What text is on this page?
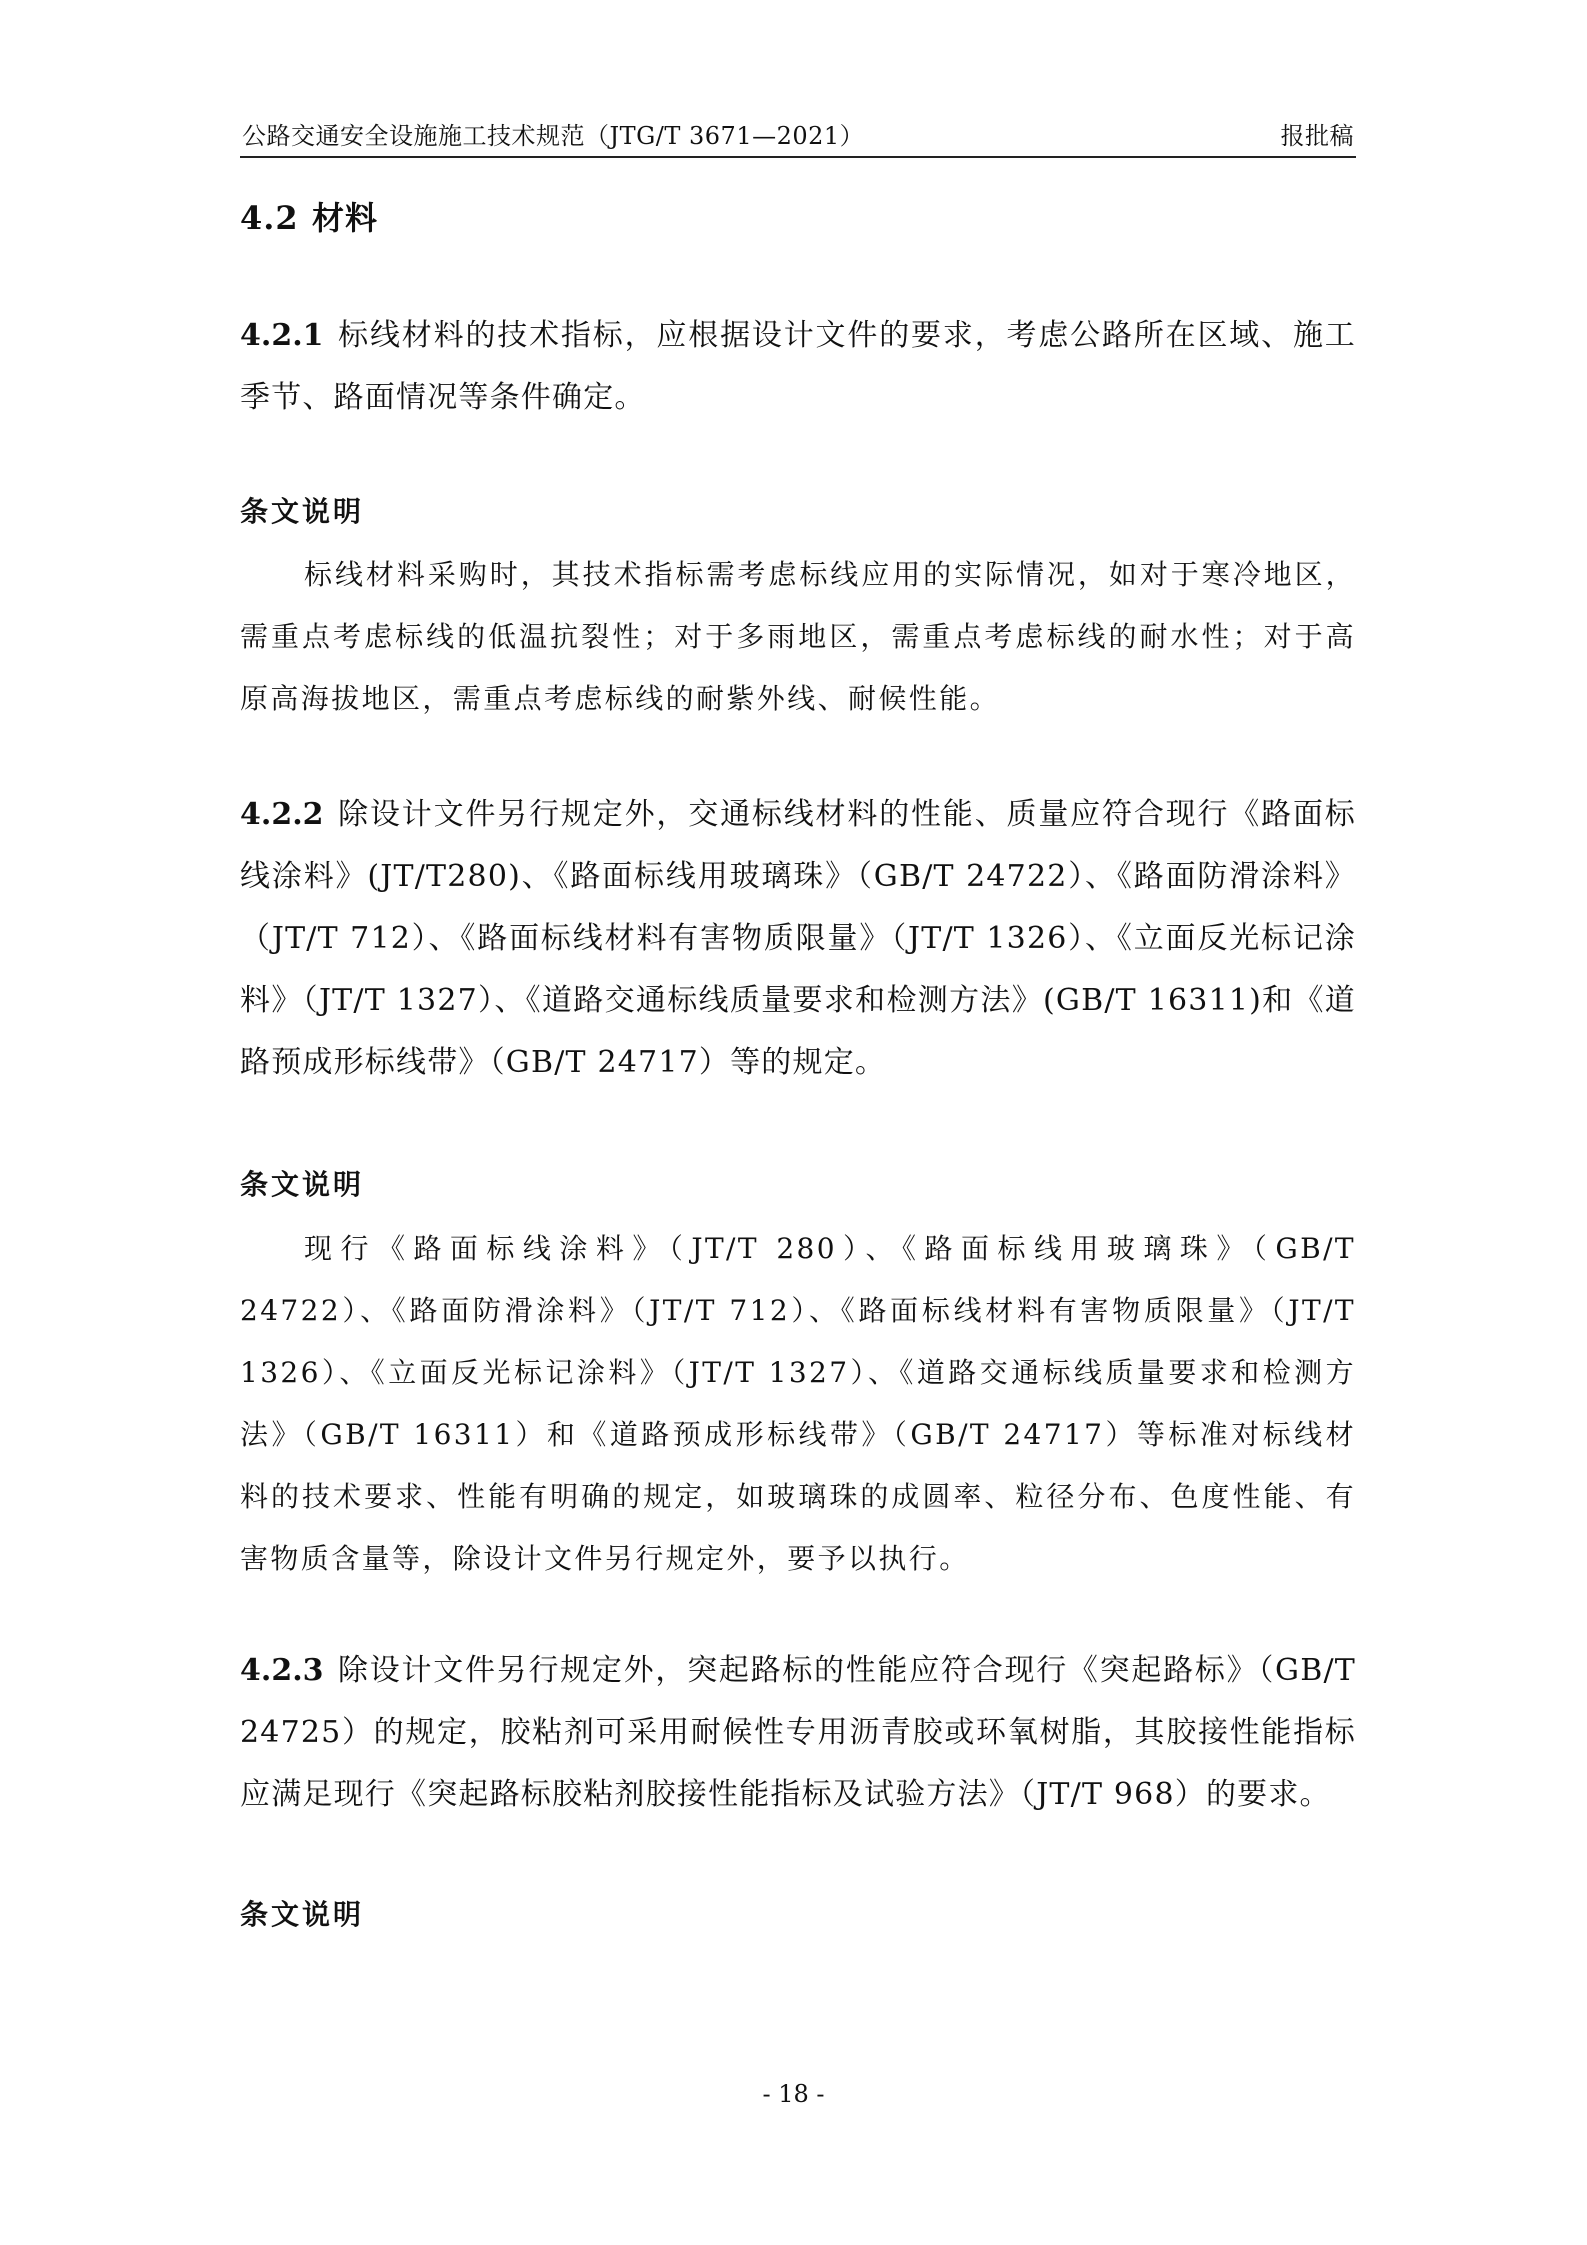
公路交通安全设施施工技术规范（JTG/T 3671—2021）	报批稿
4.2 材料
4.2.1 标线材料的技术指标，应根据设计文件的要求，考虑公路所在区域、施工季节、路面情况等条件确定。
条文说明
标线材料采购时，其技术指标需考虑标线应用的实际情况，如对于寒冷地区，需重点考虑标线的低温抗裂性；对于多雨地区，需重点考虑标线的耐水性；对于高原高海拔地区，需重点考虑标线的耐紫外线、耐候性能。
4.2.2 除设计文件另行规定外，交通标线材料的性能、质量应符合现行《路面标线涂料》(JT/T280)、《路面标线用玻璃珠》（GB/T 24722）、《路面防滑涂料》（JT/T 712）、《路面标线材料有害物质限量》（JT/T 1326）、《立面反光标记涂料》（JT/T 1327）、《道路交通标线质量要求和检测方法》(GB/T 16311)和《道路预成形标线带》（GB/T 24717）等的规定。
条文说明
现行《路面标线涂料》（JT/T 280）、《路面标线用玻璃珠》（GB/T 24722）、《路面防滑涂料》（JT/T 712）、《路面标线材料有害物质限量》（JT/T 1326）、《立面反光标记涂料》（JT/T 1327）、《道路交通标线质量要求和检测方法》（GB/T 16311）和《道路预成形标线带》（GB/T 24717）等标准对标线材料的技术要求、性能有明确的规定，如玻璃珠的成圆率、粒径分布、色度性能、有害物质含量等，除设计文件另行规定外，要予以执行。
4.2.3 除设计文件另行规定外，突起路标的性能应符合现行《突起路标》（GB/T 24725）的规定，胶粘剂可采用耐候性专用沥青胶或环氧树脂，其胶接性能指标应满足现行《突起路标胶粘剂胶接性能指标及试验方法》（JT/T 968）的要求。
条文说明
- 18 -
